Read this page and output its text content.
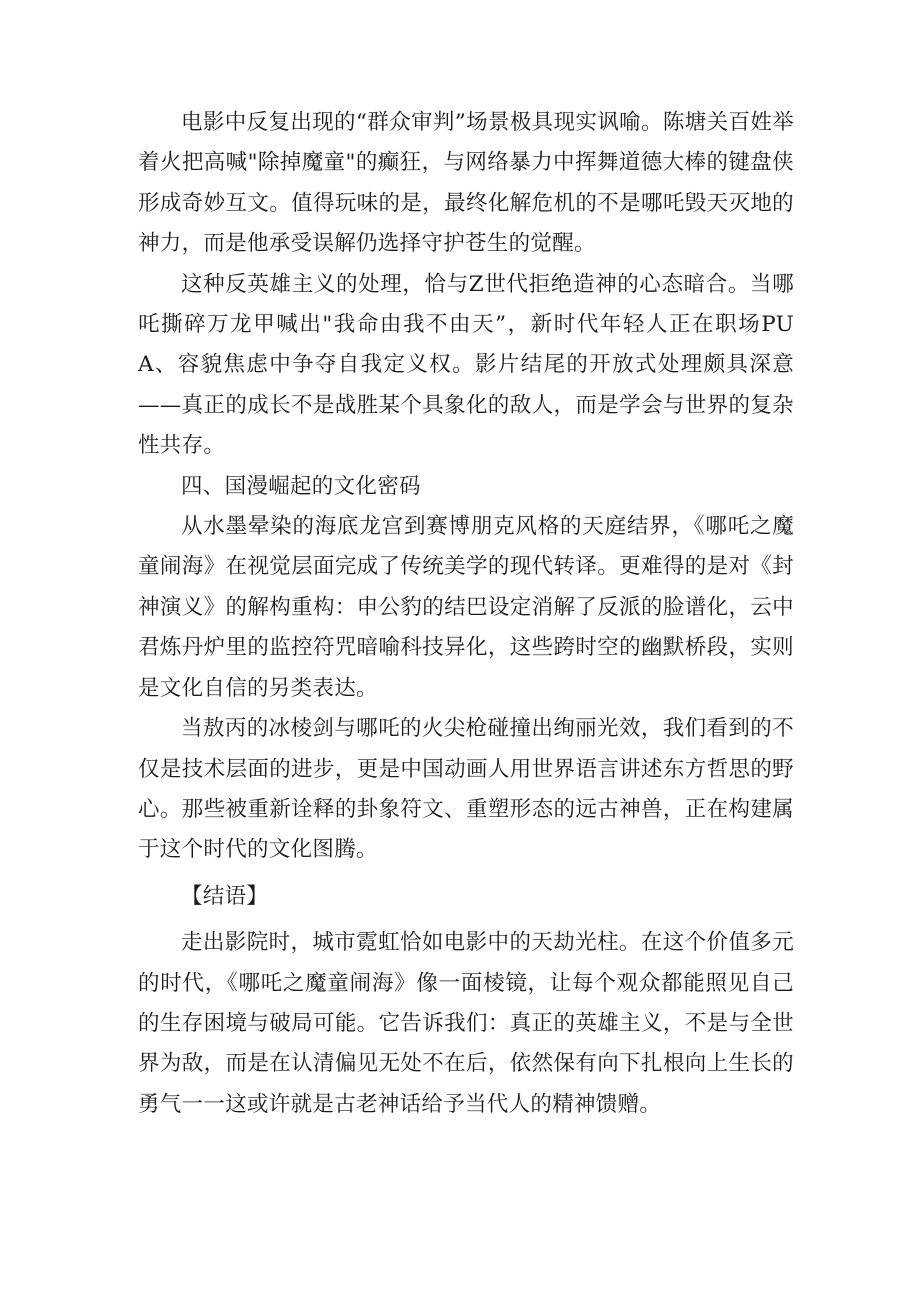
电影中反复出现的“群众审判”场景极具现实讽喻。陈塘关百姓举着火把高喊"除掉魔童"的癫狂，与网络暴力中挥舞道德大棒的键盘侠形成奇妙互文。值得玩味的是，最终化解危机的不是哪吒毁天灭地的神力，而是他承受误解仍选择守护苍生的觉醒。

这种反英雄主义的处理，恰与Z世代拒绝造神的心态暗合。当哪吒撕碎万龙甲喊出"我命由我不由天”，新时代年轻人正在职场PUA、容貌焦虑中争夺自我定义权。影片结尾的开放式处理颇具深意——真正的成长不是战胜某个具象化的敌人，而是学会与世界的复杂性共存。

四、国漫崛起的文化密码

从水墨晕染的海底龙宫到赛博朋克风格的天庭结界，《哪吒之魔童闹海》在视觉层面完成了传统美学的现代转译。更难得的是对《封神演义》的解构重构：申公豹的结巴设定消解了反派的脸谱化，云中君炼丹炉里的监控符咒暗喻科技异化，这些跨时空的幽默桥段，实则是文化自信的另类表达。

当敖丙的冰棱剑与哪吒的火尖枪碰撞出绚丽光效，我们看到的不仅是技术层面的进步，更是中国动画人用世界语言讲述东方哲思的野心。那些被重新诠释的卦象符文、重塑形态的远古神兽，正在构建属于这个时代的文化图腾。

【结语】

走出影院时，城市霓虹恰如电影中的天劫光柱。在这个价值多元的时代，《哪吒之魔童闹海》像一面棱镜，让每个观众都能照见自己的生存困境与破局可能。它告诉我们：真正的英雄主义，不是与全世界为敌，而是在认清偏见无处不在后，依然保有向下扎根向上生长的勇气一一这或许就是古老神话给予当代人的精神馈赠。
